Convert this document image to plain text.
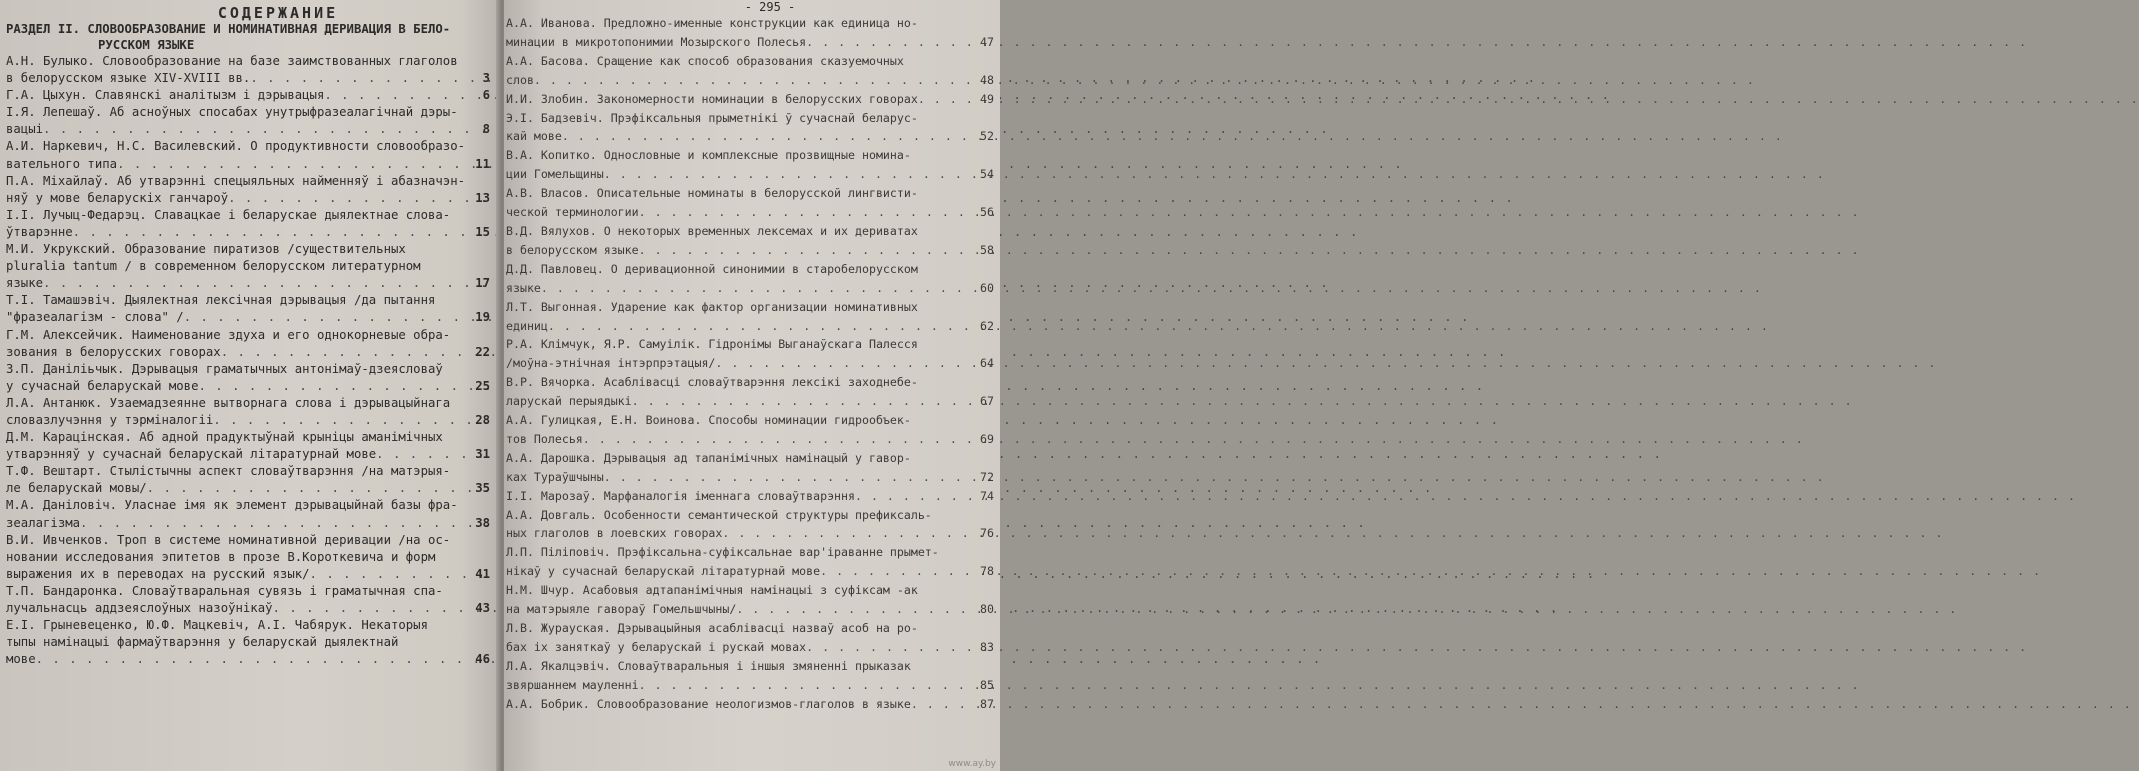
СОДЕРЖАНИЕ
РАЗДЕЛ II. СЛОВООБРАЗОВАНИЕ И НОМИНАТИВНАЯ ДЕРИВАЦИЯ В БЕЛО-
РУССКОМ ЯЗЫКЕ
А.Н. Булыко. Словообразование на базе заимствованных глаголов
в белорусском языке XIV-XVIII вв. . . .	3
Г.А. Цыхун. Славянскі аналітызм і дэрывацыя . . .	6
І.Я. Лепешаў. Аб асноўных спосабах унутрыфразеалагічнай дэры-
вацыі . . .	8
А.И. Наркевич, Н.С. Василевский. О продуктивности словообразо-
вательного типа . . .	11
П.А. Міхайлаў. Аб утварэнні спецыяльных найменняў і абазначэн-
няў у мове беларускіх ганчароў . . .	13
І.І. Лучыц-Федарэц. Славацкае і беларускае дыялектнае слова-
ўтварэнне . . .	15
М.И. Укрукский. Образование пиратизов /существительных
pluralia tantum / в современном белорусском литературном
языке . . .	17
Т.І. Тамашэвіч. Дыялектная лексічная дэрывацыя /да пытання
"фразеалагізм - слова" / . . .	19
Г.М. Алексейчик. Наименование здуха и его однокорневые обра-
зования в белорусских говорах . . .	22
З.П. Даніліьчык. Дэрывацыя граматычных антонімаў-дзеясловаў
у сучаснай беларускай мове . . .	25
Л.А. Антанюк. Узаемадзеянне вытворнага слова і дэрывацыйнага
словазлучэння у тэрміналогіі . . .	28
Д.М. Карацінская. Аб адной прадуктыўнай крыніцы аманімічных
утварэнняў у сучаснай беларускай літаратурнай мове . . .	31
Т.Ф. Вештарт. Стылістычны аспект словаўтварэння /на матэрыя-
ле беларускай мовы/ . . .	35
М.А. Даніловіч. Уласнае імя як элемент дэрывацыйнай базы фра-
зеалагізма . . .	38
В.И. Ивченков. Троп в системе номинативной деривации /на ос-
новании исследования эпитетов в прозе В.Короткевича и форм
выражения их в переводах на русский язык/ . . .	41
Т.П. Бандаронка. Словаўтваральная сувязь і граматычная спа-
лучальнасць аддзеяслоўных назоўнікаў . . .	43
Е.І. Грыневеценко, Ю.Ф. Мацкевіч, А.І. Чабярук. Некаторыя
тыпы намінацыі фармаўтварэння у беларускай дыялектнай
мове . . .	46
- 295 -
А.А. Иванова. Предложно-именные конструкции как единица но-
минации в микротопонимии Мозырского Полесья . . .	47
А.А. Басова. Сращение как способ образования сказуемочных
слов . . .	48
И.И. Злобин. Закономерности номинации в белорусских говорах . . .	49
Э.І. Бадзевіч. Прэфіксальныя прыметнікі ў сучаснай беларус-
кай мове . . .	52
В.А. Копитко. Однословные и комплексные прозвищные номина-
ции Гомельщины . . .	54
А.В. Власов. Описательные номинаты в белорусской лингвисти-
ческой терминологии . . .	56
В.Д. Вялухов. О некоторых временных лексемах и их дериватах
в белорусском языке . . .	58
Д.Д. Павловец. О деривационной синонимии в старобелорусском
языке . . .	60
Л.Т. Выгонная. Ударение как фактор организации номинативных
единиц . . .	62
Р.А. Клімчук, Я.Р. Самуілік. Гідронімы Выганаўскага Палесся
/моўна-этнічная інтэрпрэтацыя/ . . .	64
В.Р. Вячорка. Асаблівасці словаўтварэння лексікі заходнебе-
ларускай перыядыкі . . .	67
А.А. Гулицкая, Е.Н. Воинова. Способы номинации гидрообъек-
тов Полесья . . .	69
А.А. Дарошка. Дэрывацыя ад тапанімічных намінацый у гавор-
ках Тураўшчыны . . .	72
І.І. Марозаў. Марфаналогія іменнага словаўтварэння . . .	74
А.А. Довгаль. Особенности семантической структуры префиксаль-
ных глаголов в лоевских говорах . . .	76
Л.П. Піліповіч. Прэфіксальна-суфіксальнае вар'іраванне прымет-
нікаў у сучаснай беларускай літаратурнай мове . . .	78
Н.М. Шчур. Асабовыя адтапанімічныя намінацыі з суфіксам -ак
на матэрыяле гавораў Гомельшчыны/ . . .	80
Л.В. Журауская. Дэрывацыйныя асаблівасці назваў асоб на ро-
бах іх заняткаў у беларускай і рускай мовах . . .	83
Л.А. Якалцэвіч. Словаўтваральныя і іншыя змяненні прыказак
звяршаннем мауленні . . .	85
А.А. Бобрик. Словообразование неологизмов-глаголов в языке . . .	87
www.ay.by
